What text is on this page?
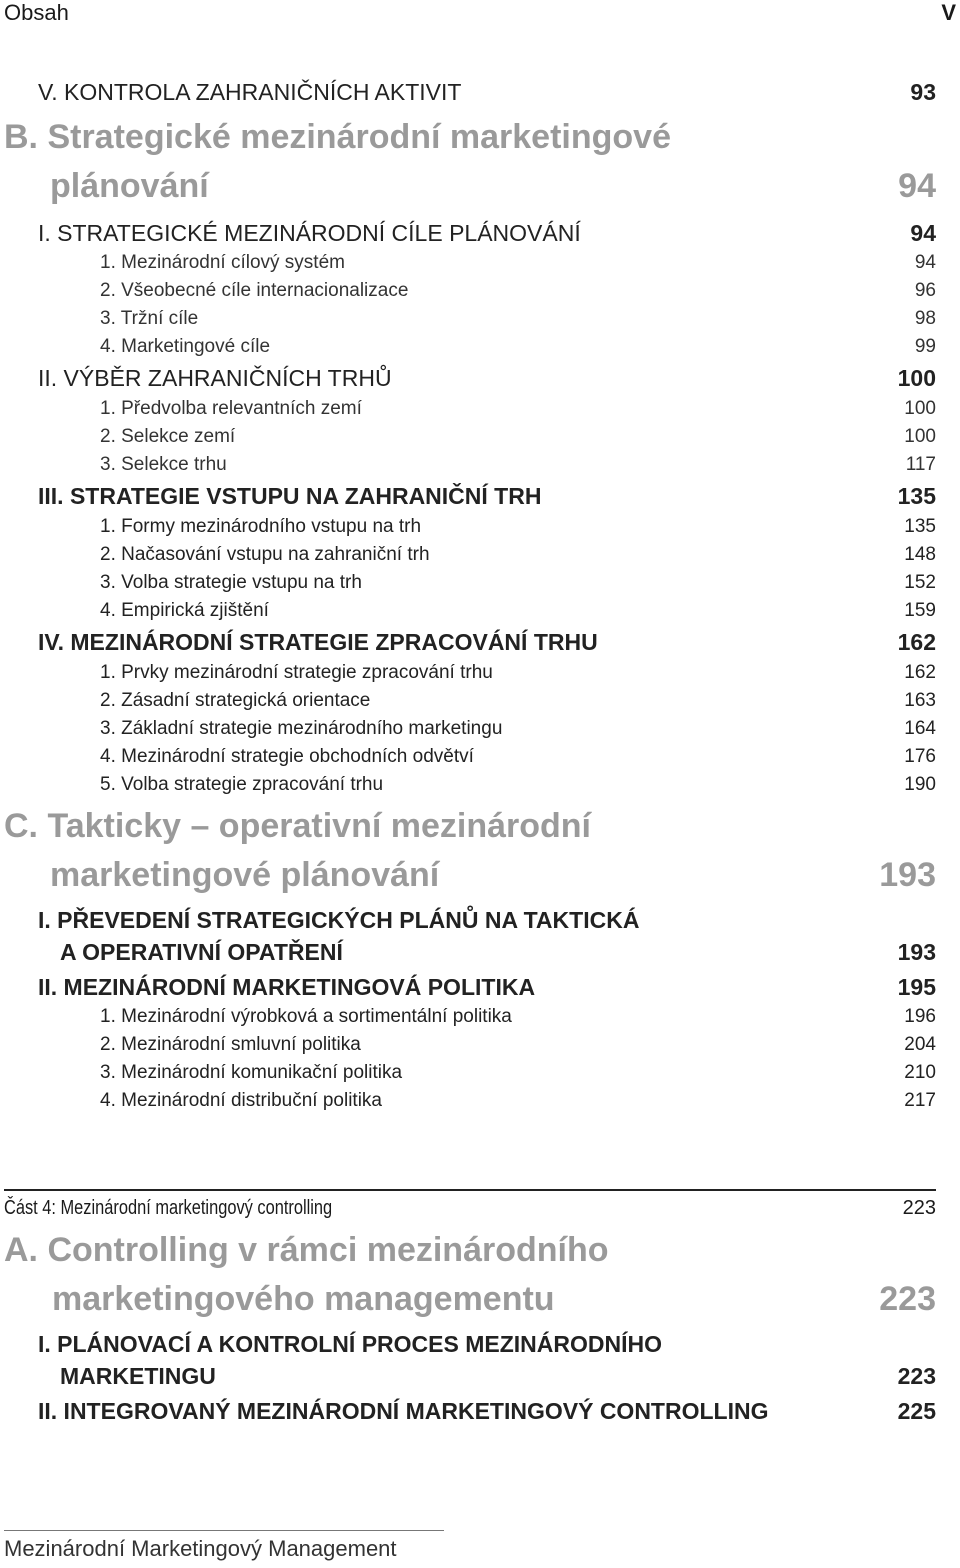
Obsah	V
V. KONTROLA ZAHRANIČNÍCH AKTIVIT	93
B. Strategické mezinárodní marketingové
plánování	94
I. STRATEGICKÉ MEZINÁRODNÍ CÍLE PLÁNOVÁNÍ	94
1. Mezinárodní cílový systém	94
2. Všeobecné cíle internacionalizace	96
3. Tržní cíle	98
4. Marketingové cíle	99
II. VÝBĚR ZAHRANIČNÍCH TRHŮ	100
1. Předvolba relevantních zemí	100
2. Selekce zemí	100
3. Selekce trhu	117
III. STRATEGIE VSTUPU NA ZAHRANIČNÍ TRH	135
1. Formy mezinárodního vstupu na trh	135
2. Načasování vstupu na zahraniční trh	148
3. Volba strategie vstupu na trh	152
4. Empirická zjištění	159
IV. MEZINÁRODNÍ STRATEGIE ZPRACOVÁNÍ TRHU	162
1. Prvky mezinárodní strategie zpracování trhu	162
2. Zásadní strategická orientace	163
3. Základní strategie mezinárodního marketingu	164
4. Mezinárodní strategie obchodních odvětví	176
5. Volba strategie zpracování trhu	190
C. Takticky – operativní mezinárodní
marketingové plánování	193
I. PŘEVEDENÍ STRATEGICKÝCH PLÁNŮ NA TAKTICKÁ
A OPERATIVNÍ OPATŘENÍ	193
II. MEZINÁRODNÍ MARKETINGOVÁ POLITIKA	195
1. Mezinárodní výrobková a sortimentální politika	196
2. Mezinárodní smluvní politika	204
3. Mezinárodní komunikační politika	210
4. Mezinárodní distribuční politika	217
Část 4: Mezinárodní marketingový controlling	223
A. Controlling v rámci mezinárodního
marketingového managementu	223
I. PLÁNOVACÍ A KONTROLNÍ PROCES MEZINÁRODNÍHO
MARKETINGU	223
II. INTEGROVANÝ MEZINÁRODNÍ MARKETINGOVÝ CONTROLLING	225
Mezinárodní Marketingový Management
